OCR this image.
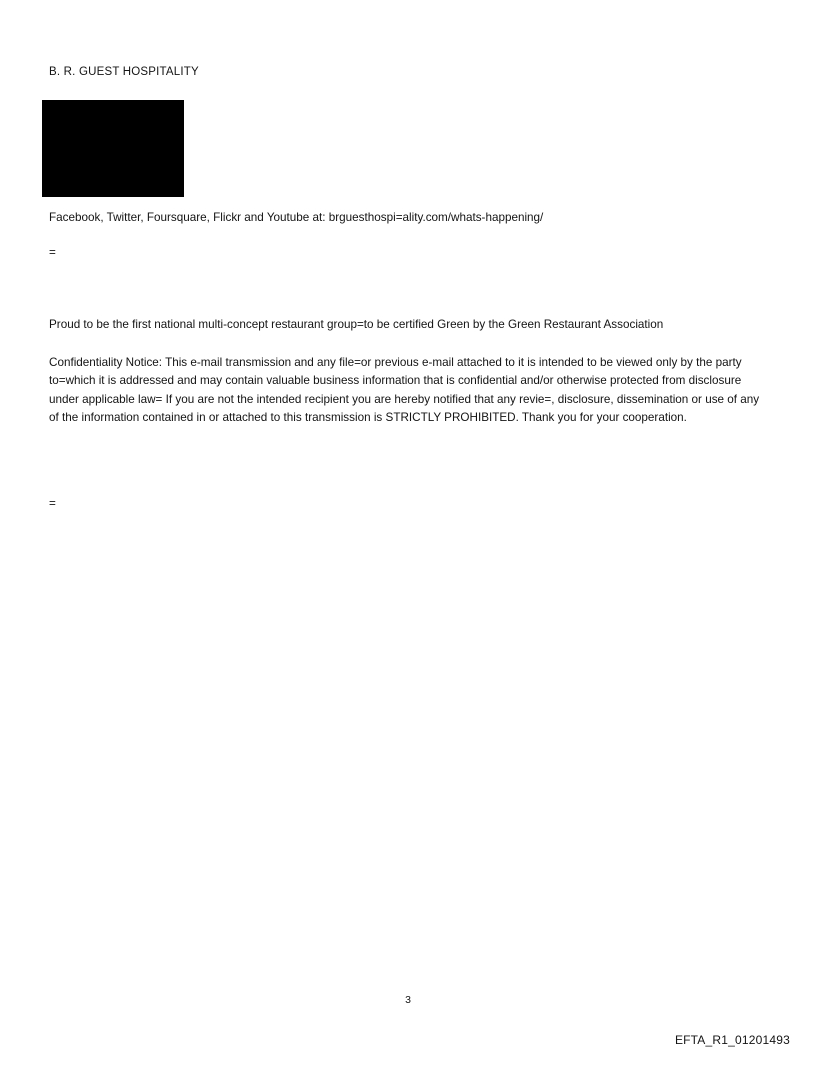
B. R. GUEST HOSPITALITY
Facebook, Twitter, Foursquare, Flickr and Youtube at: brguesthospi=ality.com/whats-happening/
=
Proud to be the first national multi-concept restaurant group=to be certified Green by the Green Restaurant Association
Confidentiality Notice: This e-mail transmission and any file=or previous e-mail attached to it is intended to be viewed only by the party to=which it is addressed and may contain valuable business information that is confidential and/or otherwise protected from disclosure under applicable law= If you are not the intended recipient you are hereby notified that any revie=, disclosure, dissemination or use of any of the information contained in or attached to this transmission is STRICTLY PROHIBITED. Thank you for your cooperation.
=
3
EFTA_R1_01201493
